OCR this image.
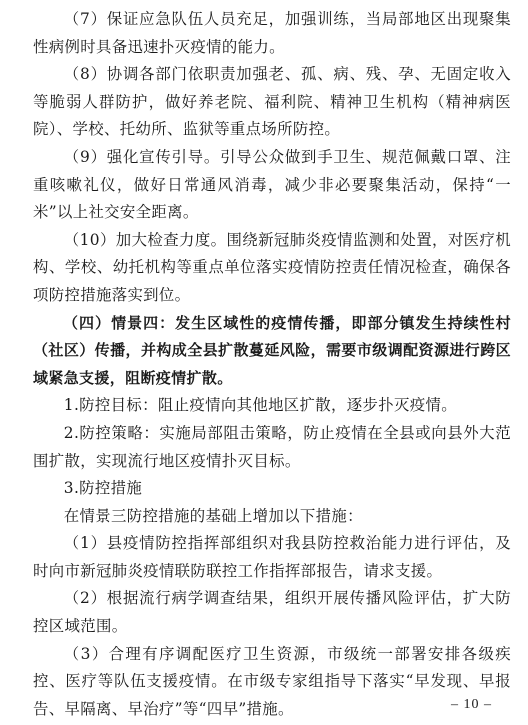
（7）保证应急队伍人员充足，加强训练，当局部地区出现聚集性病例时具备迅速扑灭疫情的能力。

（8）协调各部门依职责加强老、孤、病、残、孕、无固定收入等脆弱人群防护，做好养老院、福利院、精神卫生机构（精神病医院）、学校、托幼所、监狱等重点场所防控。

（9）强化宣传引导。引导公众做到手卫生、规范佩戴口罩、注重咳嗽礼仪，做好日常通风消毒，减少非必要聚集活动，保持“一米”以上社交安全距离。

（10）加大检查力度。围绕新冠肺炎疫情监测和处置，对医疗机构、学校、幼托机构等重点单位落实疫情防控责任情况检查，确保各项防控措施落实到位。

（四）情景四：发生区域性的疫情传播，即部分镇发生持续性村（社区）传播，并构成全县扩散蔓延风险，需要市级调配资源进行跨区域紧急支援，阻断疫情扩散。

1.防控目标：阻止疫情向其他地区扩散，逐步扑灭疫情。

2.防控策略：实施局部阻击策略，防止疫情在全县或向县外大范围扩散，实现流行地区疫情扑灭目标。

3.防控措施

在情景三防控措施的基础上增加以下措施：

（1）县疫情防控指挥部组织对我县防控救治能力进行评估，及时向市新冠肺炎疫情联防联控工作指挥部报告，请求支援。

（2）根据流行病学调查结果，组织开展传播风险评估，扩大防控区域范围。

（3）合理有序调配医疗卫生资源，市级统一部署安排各级疾控、医疗等队伍支援疫情。在市级专家组指导下落实“早发现、早报告、早隔离、早治疗”等“四早”措施。	– 10 –
